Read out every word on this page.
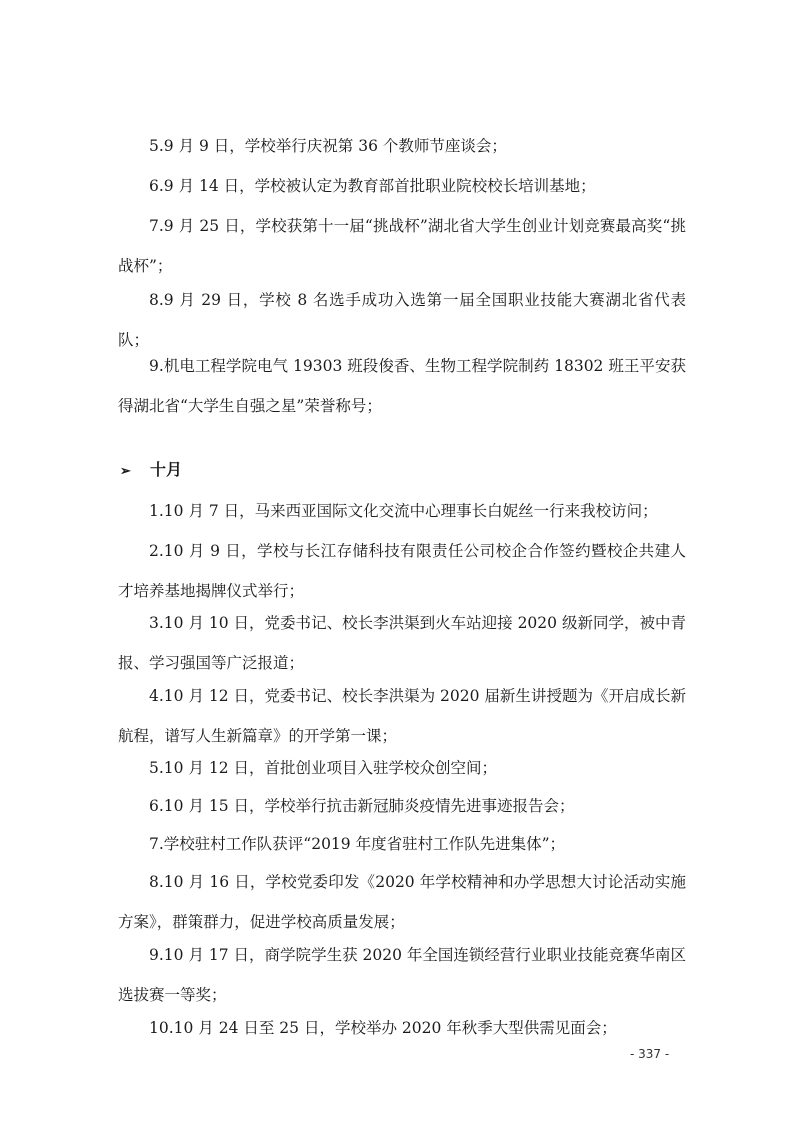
5.9 月 9 日，学校举行庆祝第 36 个教师节座谈会；

6.9 月 14 日，学校被认定为教育部首批职业院校校长培训基地；

7.9 月 25 日，学校获第十一届“挑战杯”湖北省大学生创业计划竞赛最高奖“挑战杯”；

8.9 月 29 日，学校 8 名选手成功入选第一届全国职业技能大赛湖北省代表队；

9.机电工程学院电气 19303 班段俊香、生物工程学院制药 18302 班王平安获得湖北省“大学生自强之星”荣誉称号；

➢ 十月

1.10 月 7 日，马来西亚国际文化交流中心理事长白妮丝一行来我校访问；

2.10 月 9 日，学校与长江存储科技有限责任公司校企合作签约暨校企共建人才培养基地揭牌仪式举行；

3.10 月 10 日，党委书记、校长李洪渠到火车站迎接 2020 级新同学，被中青报、学习强国等广泛报道；

4.10 月 12 日，党委书记、校长李洪渠为 2020 届新生讲授题为《开启成长新航程，谱写人生新篇章》的开学第一课；

5.10 月 12 日，首批创业项目入驻学校众创空间；

6.10 月 15 日，学校举行抗击新冠肺炎疫情先进事迹报告会；

7.学校驻村工作队获评“2019 年度省驻村工作队先进集体”；

8.10 月 16 日，学校党委印发《2020 年学校精神和办学思想大讨论活动实施方案》，群策群力，促进学校高质量发展；

9.10 月 17 日，商学院学生获 2020 年全国连锁经营行业职业技能竞赛华南区选拔赛一等奖；

10.10 月 24 日至 25 日，学校举办 2020 年秋季大型供需见面会；

- 337 -
